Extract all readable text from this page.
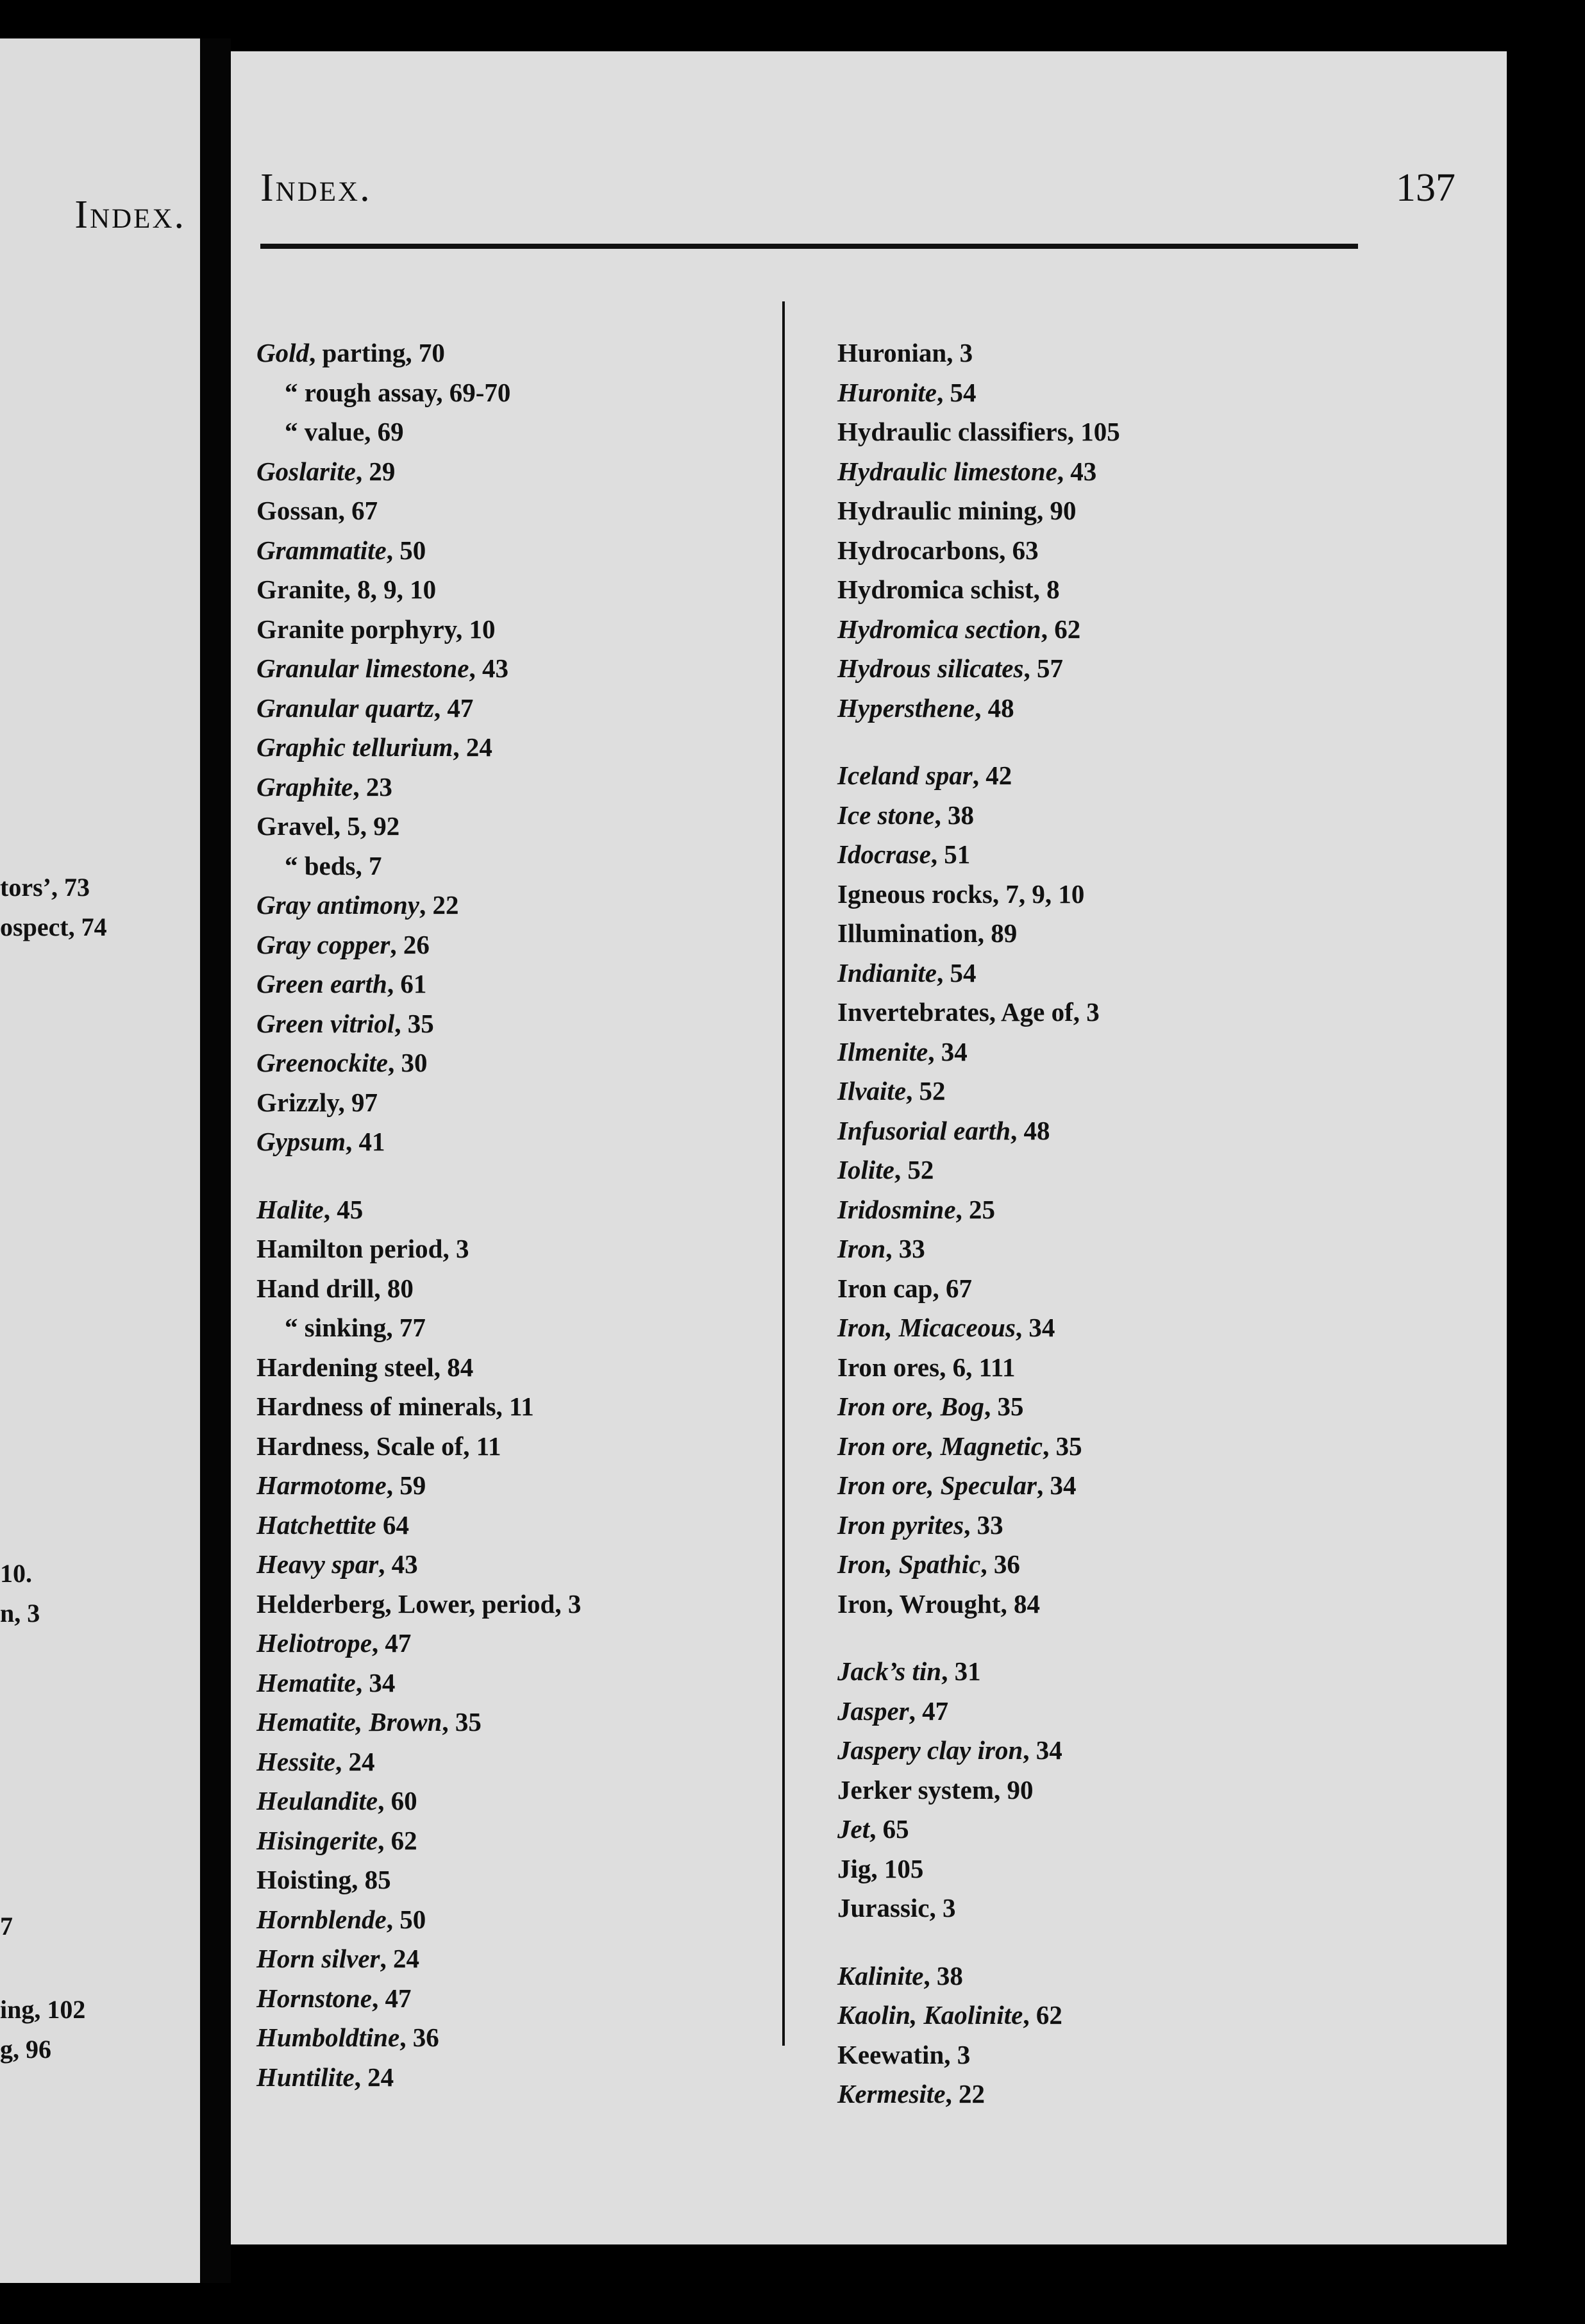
Index.
tors’, 73
ospect, 74
10.
n, 3
7
ing, 102
g, 96
Index.	137
Gold, parting, 70
“ rough assay, 69-70
“ value, 69
Goslarite, 29
Gossan, 67
Grammatite, 50
Granite, 8, 9, 10
Granite porphyry, 10
Granular limestone, 43
Granular quartz, 47
Graphic tellurium, 24
Graphite, 23
Gravel, 5, 92
“ beds, 7
Gray antimony, 22
Gray copper, 26
Green earth, 61
Green vitriol, 35
Greenockite, 30
Grizzly, 97
Gypsum, 41
Halite, 45
Hamilton period, 3
Hand drill, 80
“ sinking, 77
Hardening steel, 84
Hardness of minerals, 11
Hardness, Scale of, 11
Harmotome, 59
Hatchettite 64
Heavy spar, 43
Helderberg, Lower, period, 3
Heliotrope, 47
Hematite, 34
Hematite, Brown, 35
Hessite, 24
Heulandite, 60
Hisingerite, 62
Hoisting, 85
Hornblende, 50
Horn silver, 24
Hornstone, 47
Humboldtine, 36
Huntilite, 24
Huronian, 3
Huronite, 54
Hydraulic classifiers, 105
Hydraulic limestone, 43
Hydraulic mining, 90
Hydrocarbons, 63
Hydromica schist, 8
Hydromica section, 62
Hydrous silicates, 57
Hypersthene, 48
Iceland spar, 42
Ice stone, 38
Idocrase, 51
Igneous rocks, 7, 9, 10
Illumination, 89
Indianite, 54
Invertebrates, Age of, 3
Ilmenite, 34
Ilvaite, 52
Infusorial earth, 48
Iolite, 52
Iridosmine, 25
Iron, 33
Iron cap, 67
Iron, Micaceous, 34
Iron ores, 6, 111
Iron ore, Bog, 35
Iron ore, Magnetic, 35
Iron ore, Specular, 34
Iron pyrites, 33
Iron, Spathic, 36
Iron, Wrought, 84
Jack’s tin, 31
Jasper, 47
Jaspery clay iron, 34
Jerker system, 90
Jet, 65
Jig, 105
Jurassic, 3
Kalinite, 38
Kaolin, Kaolinite, 62
Keewatin, 3
Kermesite, 22
